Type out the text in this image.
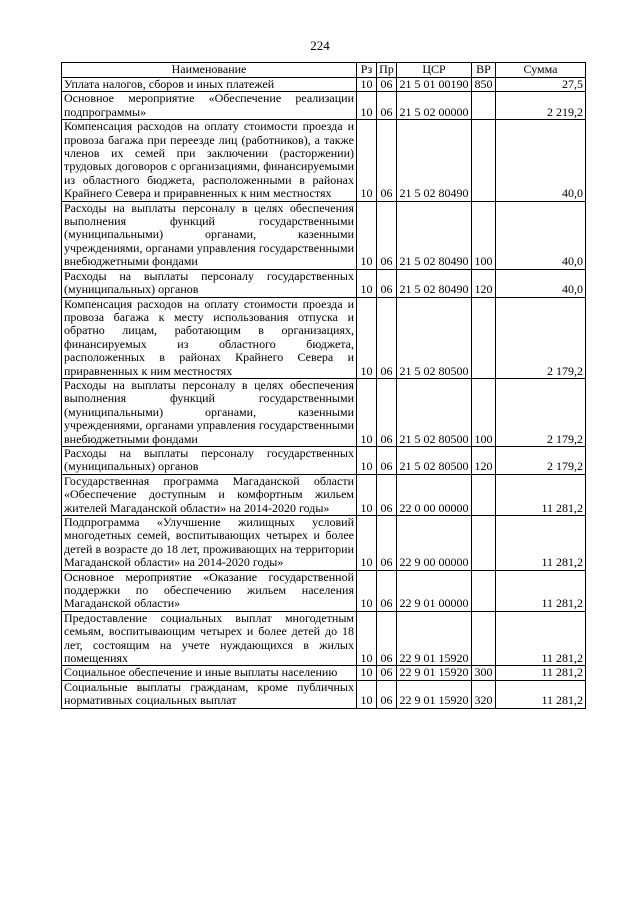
224
Наименование	Рз	Пр	ЦСР	ВР	Сумма
Уплата налогов, сборов и иных платежей	10	06	21 5 01 00190	850	27,5
Основное мероприятие «Обеспечение реализации подпрограммы»	10	06	21 5 02 00000		2 219,2
Компенсация расходов на оплату стоимости проезда и провоза багажа при переезде лиц (работников), а также членов их семей при заключении (расторжении) трудовых договоров с организациями, финансируемыми из областного бюджета, расположенными в районах Крайнего Севера и приравненных к ним местностях	10	06	21 5 02 80490		40,0
Расходы на выплаты персоналу в целях обеспечения выполнения функций государственными (муниципальными) органами, казенными учреждениями, органами управления государственными внебюджетными фондами	10	06	21 5 02 80490	100	40,0
Расходы на выплаты персоналу государственных (муниципальных) органов	10	06	21 5 02 80490	120	40,0
Компенсация расходов на оплату стоимости проезда и провоза багажа к месту использования отпуска и обратно лицам, работающим в организациях, финансируемых из областного бюджета, расположенных в районах Крайнего Севера и приравненных к ним местностях	10	06	21 5 02 80500		2 179,2
Расходы на выплаты персоналу в целях обеспечения выполнения функций государственными (муниципальными) органами, казенными учреждениями, органами управления государственными внебюджетными фондами	10	06	21 5 02 80500	100	2 179,2
Расходы на выплаты персоналу государственных (муниципальных) органов	10	06	21 5 02 80500	120	2 179,2
Государственная программа Магаданской области «Обеспечение доступным и комфортным жильем жителей Магаданской области» на 2014-2020 годы»	10	06	22 0 00 00000		11 281,2
Подпрограмма «Улучшение жилищных условий многодетных семей, воспитывающих четырех и более детей в возрасте до 18 лет, проживающих на территории Магаданской области» на 2014-2020 годы»	10	06	22 9 00 00000		11 281,2
Основное мероприятие «Оказание государственной поддержки по обеспечению жильем населения Магаданской области»	10	06	22 9 01 00000		11 281,2
Предоставление социальных выплат многодетным семьям, воспитывающим четырех и более детей до 18 лет, состоящим на учете нуждающихся в жилых помещениях	10	06	22 9 01 15920		11 281,2
Социальное обеспечение и иные выплаты населению	10	06	22 9 01 15920	300	11 281,2
Социальные выплаты гражданам, кроме публичных нормативных социальных выплат	10	06	22 9 01 15920	320	11 281,2
